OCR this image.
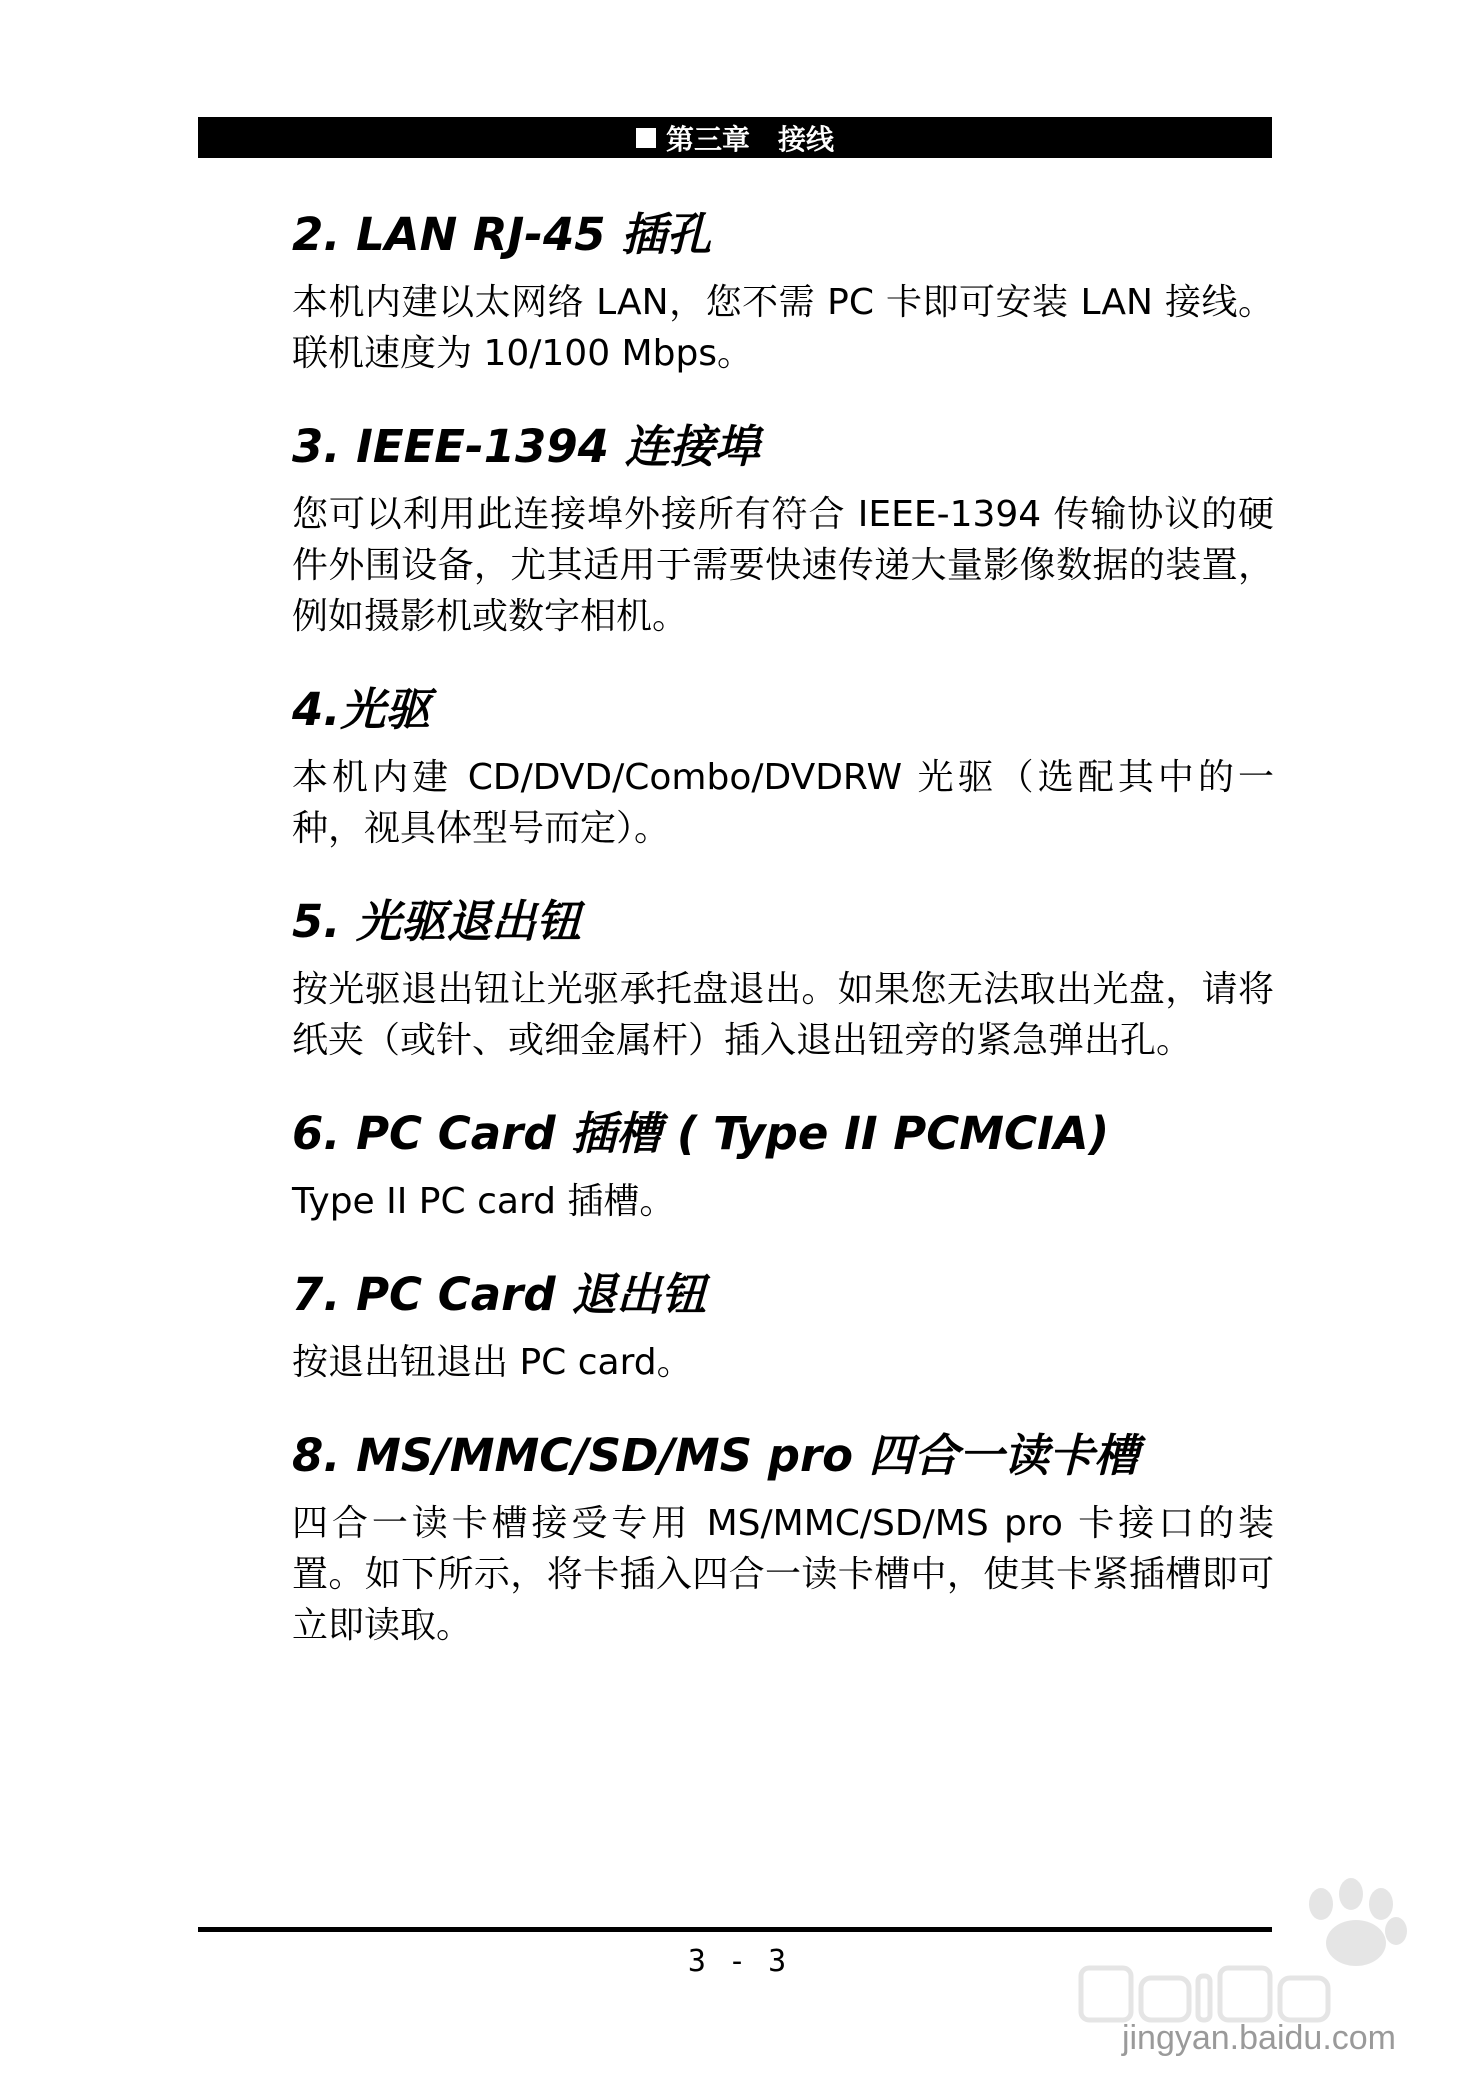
第三章　接线
2. LAN RJ-45 插孔

本机内建以太网络 LAN，您不需 PC 卡即可安装 LAN 接线。联机速度为 10/100 Mbps。

3. IEEE-1394 连接埠

您可以利用此连接埠外接所有符合 IEEE-1394 传输协议的硬件外围设备，尤其适用于需要快速传递大量影像数据的装置，例如摄影机或数字相机。

4.光驱

本机内建 CD/DVD/Combo/DVDRW 光驱（选配其中的一种，视具体型号而定）。

5. 光驱退出钮

按光驱退出钮让光驱承托盘退出。如果您无法取出光盘，请将纸夹（或针、或细金属杆）插入退出钮旁的紧急弹出孔。

6. PC Card 插槽 ( Type II PCMCIA)

Type II PC card 插槽。

7. PC Card 退出钮

按退出钮退出 PC card。

8. MS/MMC/SD/MS pro 四合一读卡槽

四合一读卡槽接受专用 MS/MMC/SD/MS pro 卡接口的装置。如下所示，将卡插入四合一读卡槽中，使其卡紧插槽即可立即读取。

3 - 3
jingyan.baidu.com
